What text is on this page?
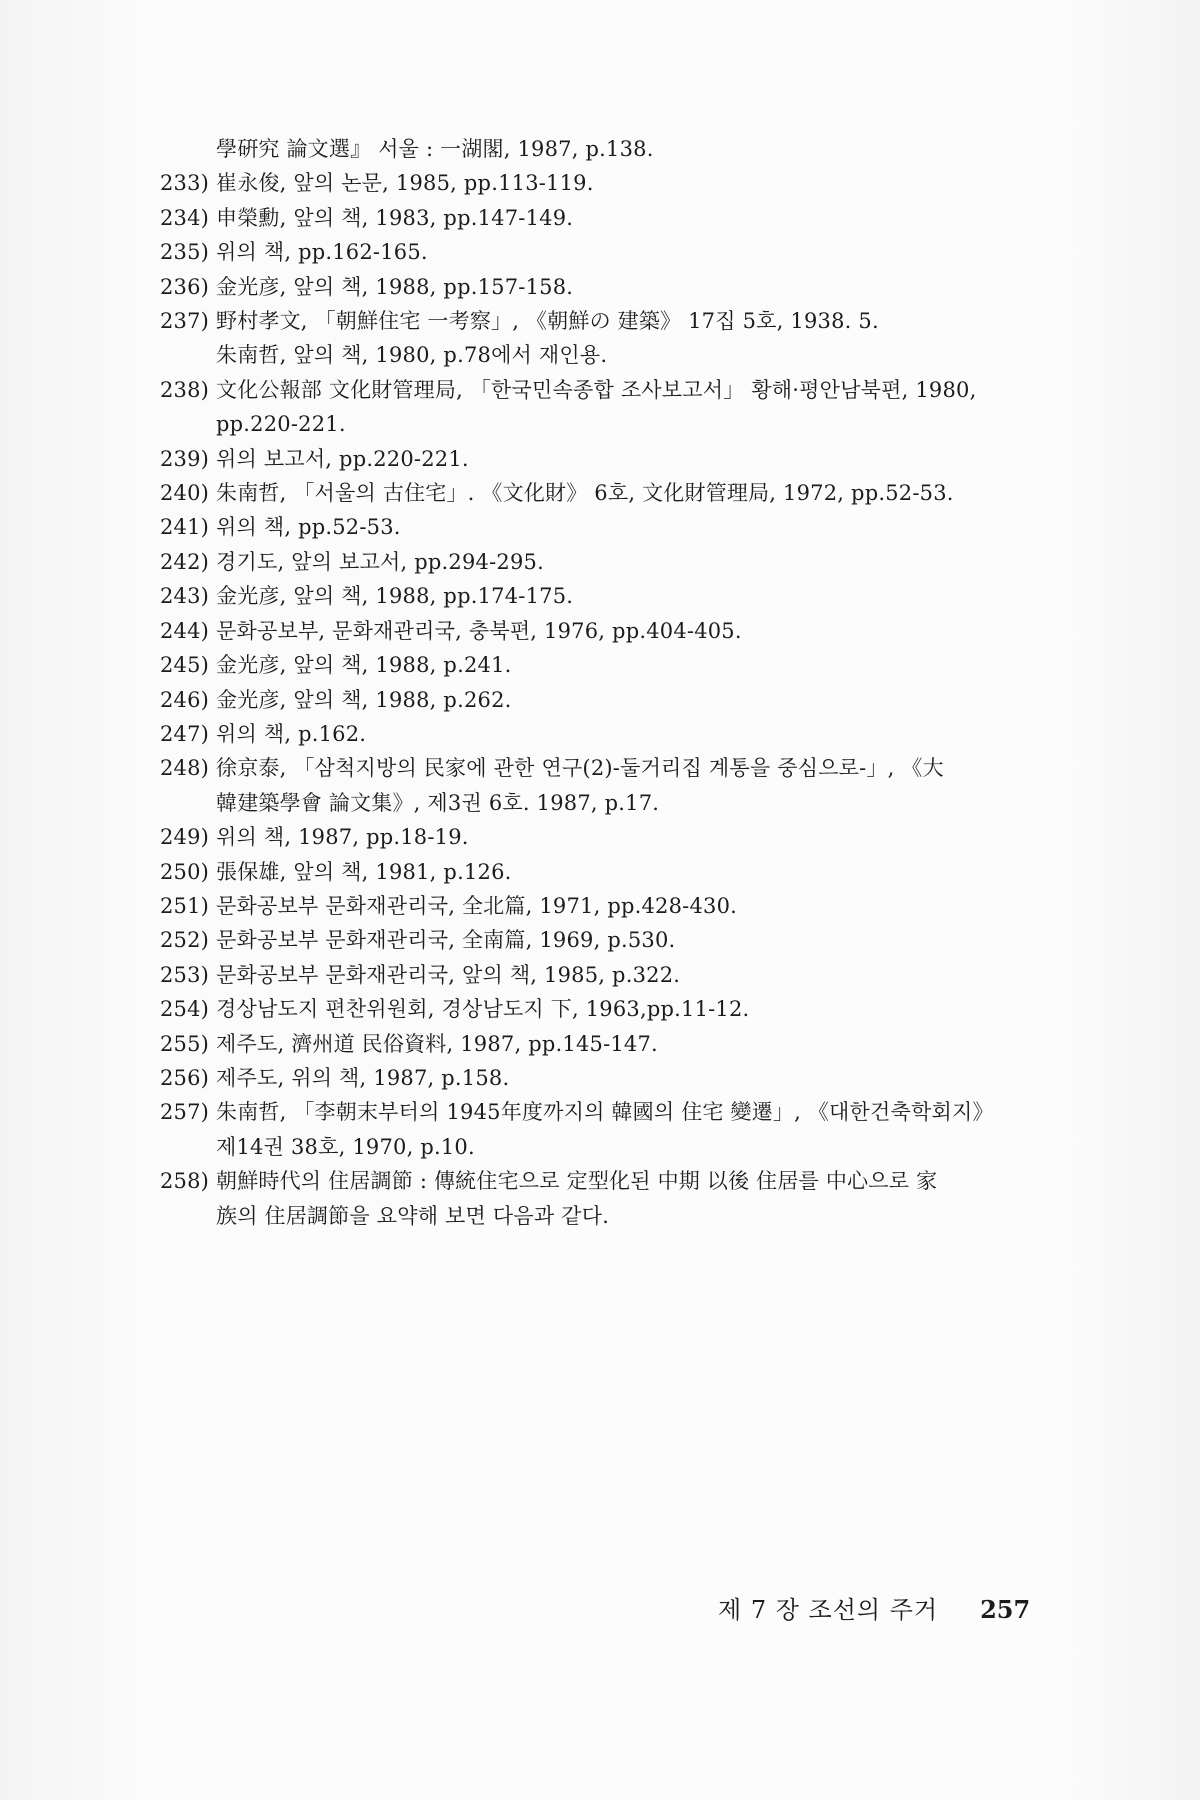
學硏究 論文選』 서울 : 一湖閣, 1987, p.138.
233) 崔永俊, 앞의 논문, 1985, pp.113-119.
234) 申榮勳, 앞의 책, 1983, pp.147-149.
235) 위의 책, pp.162-165.
236) 金光彦, 앞의 책, 1988, pp.157-158.
237) 野村孝文, 「朝鮮住宅 一考察」, 《朝鮮の 建築》 17집 5호, 1938. 5.
朱南哲, 앞의 책, 1980, p.78에서 재인용.
238) 文化公報部 文化財管理局, 「한국민속종합 조사보고서」 황해·평안남북편, 1980,
pp.220-221.
239) 위의 보고서, pp.220-221.
240) 朱南哲, 「서울의 古住宅」. 《文化財》 6호, 文化財管理局, 1972, pp.52-53.
241) 위의 책, pp.52-53.
242) 경기도, 앞의 보고서, pp.294-295.
243) 金光彦, 앞의 책, 1988, pp.174-175.
244) 문화공보부, 문화재관리국, 충북편, 1976, pp.404-405.
245) 金光彦, 앞의 책, 1988, p.241.
246) 金光彦, 앞의 책, 1988, p.262.
247) 위의 책, p.162.
248) 徐京泰, 「삼척지방의 民家에 관한 연구(2)-둘거리집 계통을 중심으로-」, 《大
韓建築學會 論文集》, 제3권 6호. 1987, p.17.
249) 위의 책, 1987, pp.18-19.
250) 張保雄, 앞의 책, 1981, p.126.
251) 문화공보부 문화재관리국, 全北篇, 1971, pp.428-430.
252) 문화공보부 문화재관리국, 全南篇, 1969, p.530.
253) 문화공보부 문화재관리국, 앞의 책, 1985, p.322.
254) 경상남도지 편찬위원회, 경상남도지 下, 1963,pp.11-12.
255) 제주도, 濟州道 民俗資料, 1987, pp.145-147.
256) 제주도, 위의 책, 1987, p.158.
257) 朱南哲, 「李朝末부터의 1945年度까지의 韓國의 住宅 變遷」, 《대한건축학회지》
제14권 38호, 1970, p.10.
258) 朝鮮時代의 住居調節 : 傳統住宅으로 定型化된 中期 以後 住居를 中心으로 家
族의 住居調節을 요약해 보면 다음과 같다.
제 7 장 조선의 주거 257
